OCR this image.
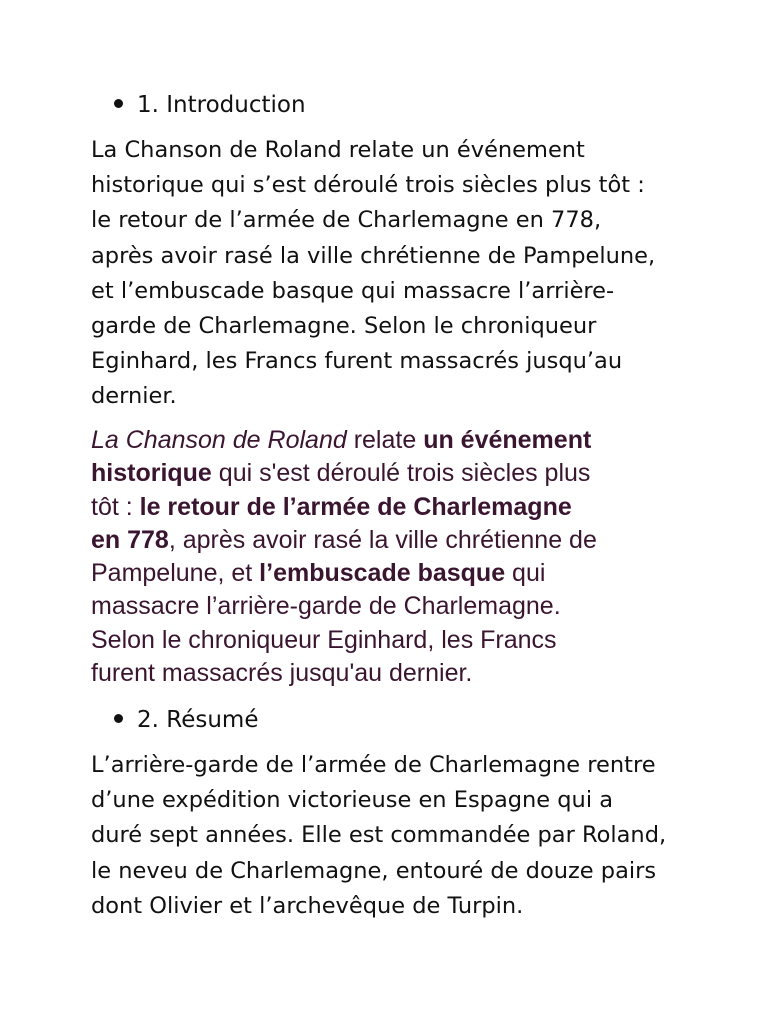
1. Introduction
La Chanson de Roland relate un événement
historique qui s’est déroulé trois siècles plus tôt :
le retour de l’armée de Charlemagne en 778,
après avoir rasé la ville chrétienne de Pampelune,
et l’embuscade basque qui massacre l’arrière-
garde de Charlemagne. Selon le chroniqueur
Eginhard, les Francs furent massacrés jusqu’au
dernier.
La Chanson de Roland relate un événement
historique qui s'est déroulé trois siècles plus
tôt : le retour de l’armée de Charlemagne
en 778, après avoir rasé la ville chrétienne de
Pampelune, et l’embuscade basque qui
massacre l’arrière-garde de Charlemagne.
Selon le chroniqueur Eginhard, les Francs
furent massacrés jusqu'au dernier.
2. Résumé
L’arrière-garde de l’armée de Charlemagne rentre
d’une expédition victorieuse en Espagne qui a
duré sept années. Elle est commandée par Roland,
le neveu de Charlemagne, entouré de douze pairs
dont Olivier et l’archevêque de Turpin.
